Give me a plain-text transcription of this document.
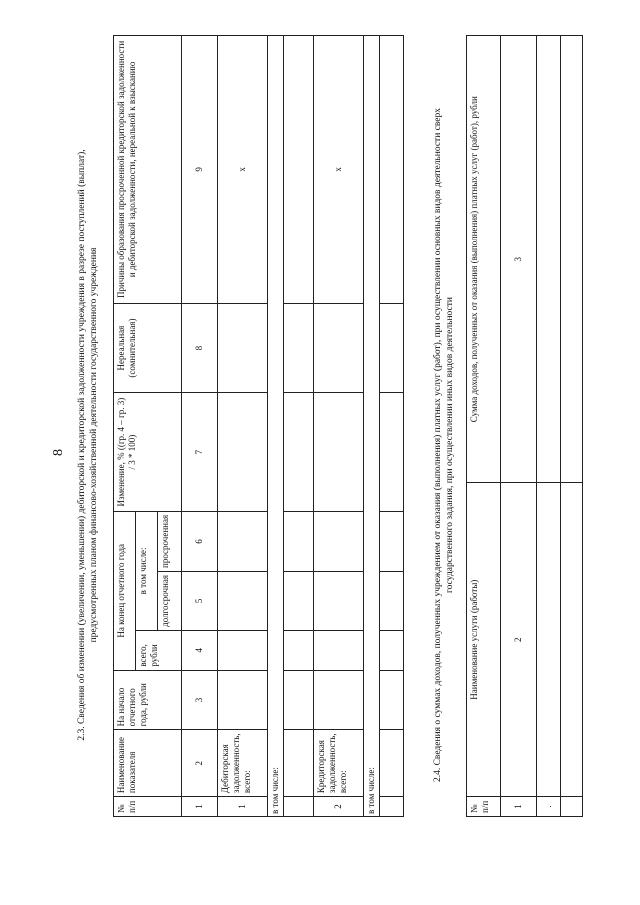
8 2.3. Сведения об изменении (увеличении, уменьшении) дебиторской и кредиторской задолженности учреждения в разрезе поступлений (выплат), предусмотренных планом финансово-хозяйственной деятельности государственного учреждения
№ п/п	Наименование показателя	На начало отчетного года, рубли	На конец отчетного года			Изменение, % ((гр. 4 – гр. 3) / 3 * 100)	Нереальная (сомнительная)	Причины образования просроченной кредиторской задолженности и дебиторской задолженности, нереальной к взысканию
			всего, рубли	в том числе:				
				долгосрочная	просроченная			
1	2	3	4	5	6	7	8	9
1	Дебиторская задолженность, всего:							х
в том числе:								

2	Кредиторская задолженность, всего:							х
в том числе:								

2.4. Сведения о суммах доходов, полученных учреждением от оказания (выполнения) платных услуг (работ), при осуществлении основных видов деятельности сверх государственного задания, при осуществлении иных видов деятельности
№ п/п	Наименование услуги (работы)	Сумма доходов, полученных от оказания (выполнения) платных услуг (работ), рубли
1	2	3
.		
